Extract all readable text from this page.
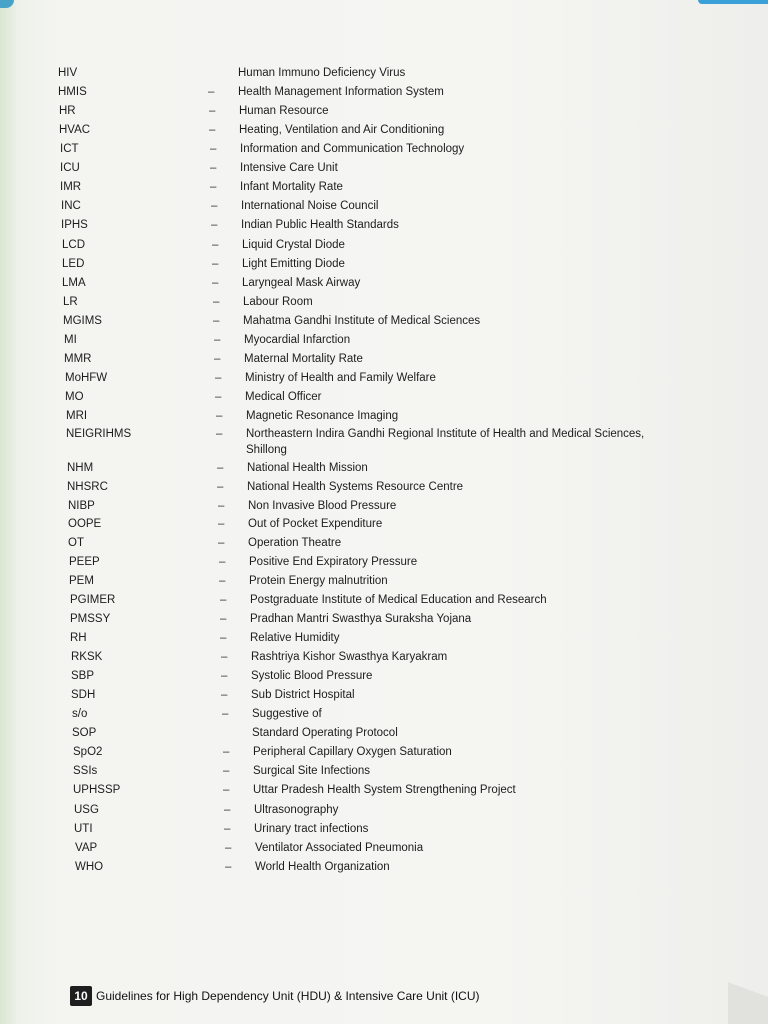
HIV	Human Immuno Deficiency Virus
HMIS	– Health Management Information System
HR	– Human Resource
HVAC	– Heating, Ventilation and Air Conditioning
ICT	– Information and Communication Technology
ICU	– Intensive Care Unit
IMR	– Infant Mortality Rate
INC	– International Noise Council
IPHS	– Indian Public Health Standards
LCD	– Liquid Crystal Diode
LED	– Light Emitting Diode
LMA	– Laryngeal Mask Airway
LR	– Labour Room
MGIMS	– Mahatma Gandhi Institute of Medical Sciences
MI	– Myocardial Infarction
MMR	– Maternal Mortality Rate
MoHFW	– Ministry of Health and Family Welfare
MO	– Medical Officer
MRI	– Magnetic Resonance Imaging
NEIGRIHMS	– Northeastern Indira Gandhi Regional Institute of Health and Medical Sciences, Shillong
NHM	– National Health Mission
NHSRC	– National Health Systems Resource Centre
NIBP	– Non Invasive Blood Pressure
OOPE	– Out of Pocket Expenditure
OT	– Operation Theatre
PEEP	– Positive End Expiratory Pressure
PEM	– Protein Energy malnutrition
PGIMER	– Postgraduate Institute of Medical Education and Research
PMSSY	– Pradhan Mantri Swasthya Suraksha Yojana
RH	– Relative Humidity
RKSK	– Rashtriya Kishor Swasthya Karyakram
SBP	– Systolic Blood Pressure
SDH	– Sub District Hospital
s/o	– Suggestive of
SOP	Standard Operating Protocol
SpO2	– Peripheral Capillary Oxygen Saturation
SSIs	– Surgical Site Infections
UPHSSP	– Uttar Pradesh Health System Strengthening Project
USG	– Ultrasonography
UTI	– Urinary tract infections
VAP	– Ventilator Associated Pneumonia
WHO	– World Health Organization
10 Guidelines for High Dependency Unit (HDU) & Intensive Care Unit (ICU)
